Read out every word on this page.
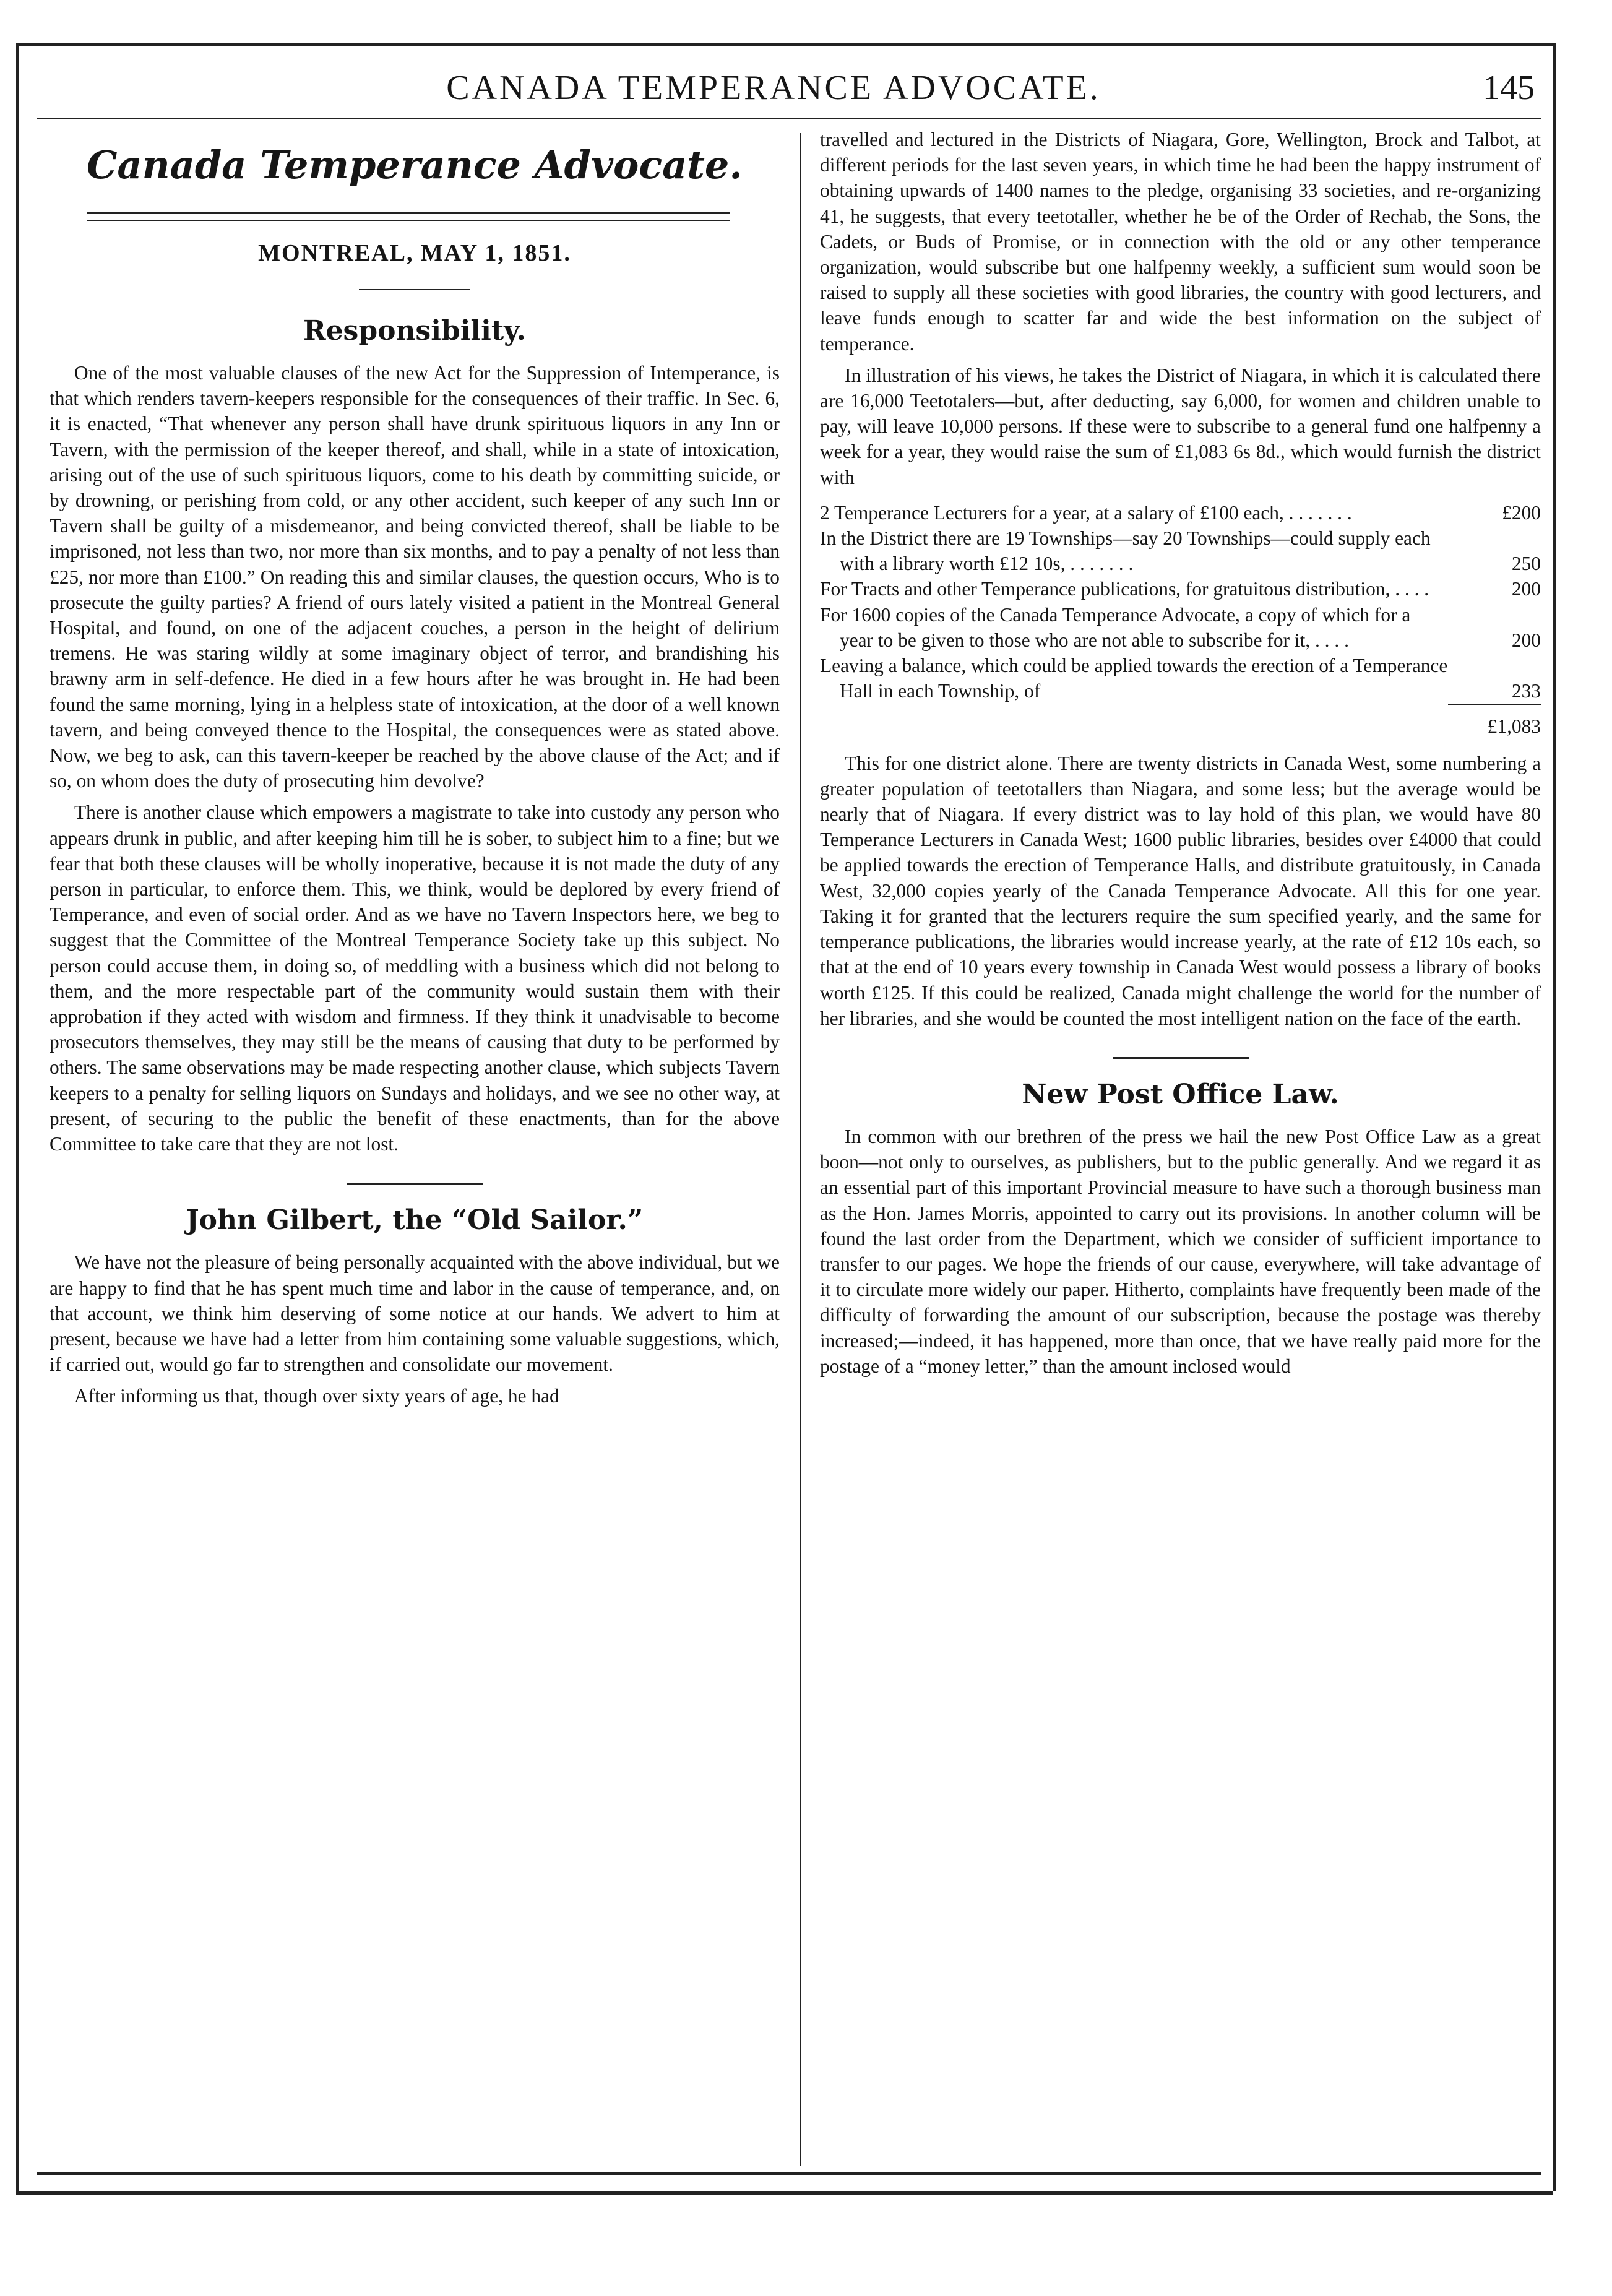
CANADA TEMPERANCE ADVOCATE.	145
Canada Temperance Advocate.
MONTREAL, MAY 1, 1851.
Responsibility.

One of the most valuable clauses of the new Act for the Suppression of Intemperance, is that which renders tavern-keepers responsible for the consequences of their traffic. In Sec. 6, it is enacted, “That whenever any person shall have drunk spirituous liquors in any Inn or Tavern, with the permission of the keeper thereof, and shall, while in a state of intoxication, arising out of the use of such spirituous liquors, come to his death by committing suicide, or by drowning, or perishing from cold, or any other accident, such keeper of any such Inn or Tavern shall be guilty of a misdemeanor, and being convicted thereof, shall be liable to be imprisoned, not less than two, nor more than six months, and to pay a penalty of not less than £25, nor more than £100.” On reading this and similar clauses, the question occurs, Who is to prosecute the guilty parties? A friend of ours lately visited a patient in the Montreal General Hospital, and found, on one of the adjacent couches, a person in the height of delirium tremens. He was staring wildly at some imaginary object of terror, and brandishing his brawny arm in self-defence. He died in a few hours after he was brought in. He had been found the same morning, lying in a helpless state of intoxication, at the door of a well known tavern, and being conveyed thence to the Hospital, the consequences were as stated above. Now, we beg to ask, can this tavern-keeper be reached by the above clause of the Act; and if so, on whom does the duty of prosecuting him devolve?

There is another clause which empowers a magistrate to take into custody any person who appears drunk in public, and after keeping him till he is sober, to subject him to a fine; but we fear that both these clauses will be wholly inoperative, because it is not made the duty of any person in particular, to enforce them. This, we think, would be deplored by every friend of Temperance, and even of social order. And as we have no Tavern Inspectors here, we beg to suggest that the Committee of the Montreal Temperance Society take up this subject. No person could accuse them, in doing so, of meddling with a business which did not belong to them, and the more respectable part of the community would sustain them with their approbation if they acted with wisdom and firmness. If they think it unadvisable to become prosecutors themselves, they may still be the means of causing that duty to be performed by others. The same observations may be made respecting another clause, which subjects Tavern keepers to a penalty for selling liquors on Sundays and holidays, and we see no other way, at present, of securing to the public the benefit of these enactments, than for the above Committee to take care that they are not lost.

John Gilbert, the “Old Sailor.”

We have not the pleasure of being personally acquainted with the above individual, but we are happy to find that he has spent much time and labor in the cause of temperance, and, on that account, we think him deserving of some notice at our hands. We advert to him at present, because we have had a letter from him containing some valuable suggestions, which, if carried out, would go far to strengthen and consolidate our movement.

After informing us that, though over sixty years of age, he had

travelled and lectured in the Districts of Niagara, Gore, Wellington, Brock and Talbot, at different periods for the last seven years, in which time he had been the happy instrument of obtaining upwards of 1400 names to the pledge, organising 33 societies, and re-organizing 41, he suggests, that every teetotaller, whether he be of the Order of Rechab, the Sons, the Cadets, or Buds of Promise, or in connection with the old or any other temperance organization, would subscribe but one halfpenny weekly, a sufficient sum would soon be raised to supply all these societies with good libraries, the country with good lecturers, and leave funds enough to scatter far and wide the best information on the subject of temperance.

In illustration of his views, he takes the District of Niagara, in which it is calculated there are 16,000 Teetotalers—but, after deducting, say 6,000, for women and children unable to pay, will leave 10,000 persons. If these were to subscribe to a general fund one halfpenny a week for a year, they would raise the sum of £1,083 6s 8d., which would furnish the district with

2 Temperance Lecturers for a year, at a salary of £100 each, . . . . . . .	£200
In the District there are 19 Townships—say 20 Townships—could supply each with a library worth £12 10s, . . . . . . .	250
For Tracts and other Temperance publications, for gratuitous distribution, . . . .	200
For 1600 copies of the Canada Temperance Advocate, a copy of which for a year to be given to those who are not able to subscribe for it, . . . .	200
Leaving a balance, which could be applied towards the erection of a Temperance Hall in each Township, of	233
£1,083

This for one district alone. There are twenty districts in Canada West, some numbering a greater population of teetotallers than Niagara, and some less; but the average would be nearly that of Niagara. If every district was to lay hold of this plan, we would have 80 Temperance Lecturers in Canada West; 1600 public libraries, besides over £4000 that could be applied towards the erection of Temperance Halls, and distribute gratuitously, in Canada West, 32,000 copies yearly of the Canada Temperance Advocate. All this for one year. Taking it for granted that the lecturers require the sum specified yearly, and the same for temperance publications, the libraries would increase yearly, at the rate of £12 10s each, so that at the end of 10 years every township in Canada West would possess a library of books worth £125. If this could be realized, Canada might challenge the world for the number of her libraries, and she would be counted the most intelligent nation on the face of the earth.

New Post Office Law.

In common with our brethren of the press we hail the new Post Office Law as a great boon—not only to ourselves, as publishers, but to the public generally. And we regard it as an essential part of this important Provincial measure to have such a thorough business man as the Hon. James Morris, appointed to carry out its provisions. In another column will be found the last order from the Department, which we consider of sufficient importance to transfer to our pages. We hope the friends of our cause, everywhere, will take advantage of it to circulate more widely our paper. Hitherto, complaints have frequently been made of the difficulty of forwarding the amount of our subscription, because the postage was thereby increased;—indeed, it has happened, more than once, that we have really paid more for the postage of a “money letter,” than the amount inclosed would
